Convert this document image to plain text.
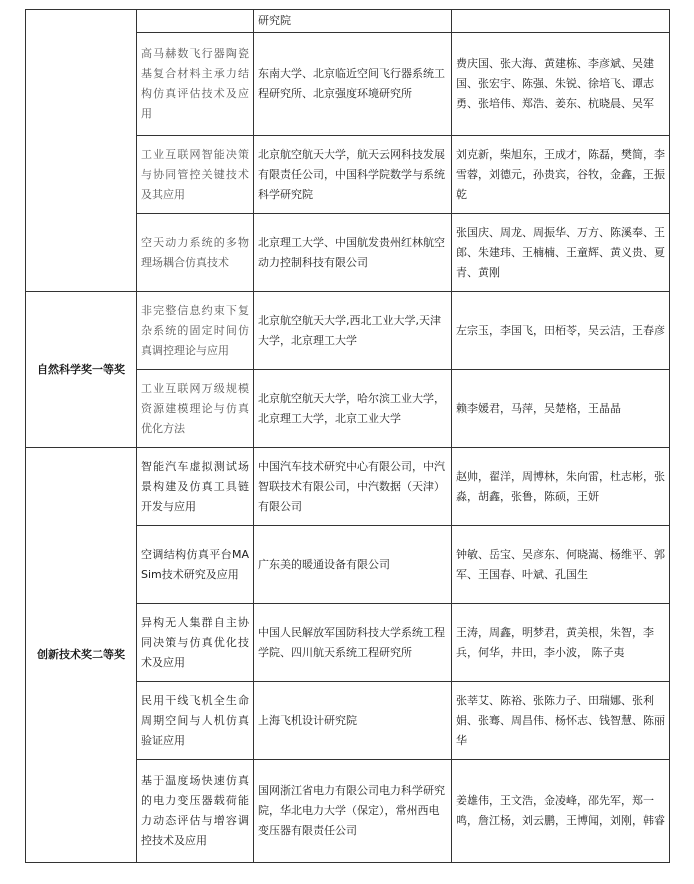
		研究院	
	高马赫数飞行器陶瓷基复合材料主承力结构仿真评估技术及应用	东南大学、北京临近空间飞行器系统工程研究所、北京强度环境研究所	费庆国、张大海、黄建栋、李彦斌、吴建国、张宏宇、陈强、朱锐、徐培飞、谭志勇、张培伟、郑浩、姜东、杭晓晨、吴军
	工业互联网智能决策与协同管控关键技术及其应用	北京航空航天大学，航天云网科技发展有限责任公司，中国科学院数学与系统科学研究院	刘克新，柴旭东，王成才，陈磊，樊简，李雪蓉，刘德元，孙贵宾，谷牧，金鑫，王振乾
	空天动力系统的多物理场耦合仿真技术	北京理工大学、中国航发贵州红林航空动力控制科技有限公司	张国庆、周龙、周振华、万方、陈溪奉、王郎、朱建玮、王楠楠、王童辉、黄义贵、夏青、黄刚
自然科学奖一等奖	非完整信息约束下复杂系统的固定时间仿真调控理论与应用	北京航空航天大学,西北工业大学,天津大学，北京理工大学	左宗玉，李国飞，田栢苓，吴云洁，王春彦
	工业互联网万级规模资源建模理论与仿真优化方法	北京航空航天大学，哈尔滨工业大学，北京理工大学，北京工业大学	赖李媛君，马萍，吴楚格，王晶晶
创新技术奖二等奖	智能汽车虚拟测试场景构建及仿真工具链开发与应用	中国汽车技术研究中心有限公司，中汽智联技术有限公司，中汽数据（天津）有限公司	赵帅，翟洋，周博林，朱向雷，杜志彬，张淼，胡鑫，张鲁，陈硕，王妍
	空调结构仿真平台MASim技术研究及应用	广东美的暖通设备有限公司	钟敏、岳宝、吴彦东、何晓嵩、杨维平、郭军、王国春、叶斌、孔国生
	异构无人集群自主协同决策与仿真优化技术及应用	中国人民解放军国防科技大学系统工程学院、四川航天系统工程研究所	王涛，周鑫，明梦君，黄美根，朱智，李兵，何华，井田，李小波， 陈子夷
	民用干线飞机全生命周期空间与人机仿真验证应用	上海飞机设计研究院	张莘艾、陈裕、张陈力子、田瑞娜、张利娟、张骞、周昌伟、杨怀志、钱智慧、陈丽华
	基于温度场快速仿真的电力变压器载荷能力动态评估与增容调控技术及应用	国网浙江省电力有限公司电力科学研究院，华北电力大学（保定），常州西电变压器有限责任公司	姜雄伟，王文浩，金凌峰，邵先军，郑一鸣，詹江杨，刘云鹏，王博闻，刘刚，韩睿
